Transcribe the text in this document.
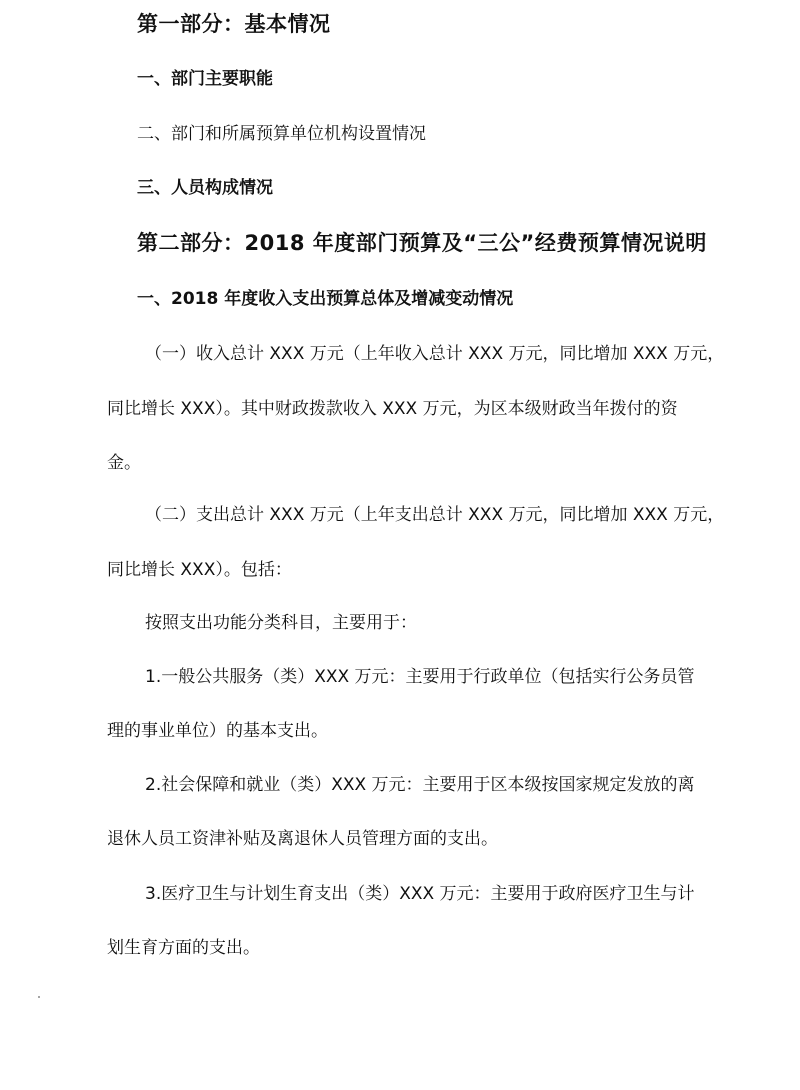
第一部分：基本情况

一、部门主要职能

二、部门和所属预算单位机构设置情况

三、人员构成情况

第二部分：2018 年度部门预算及“三公”经费预算情况说明

一、2018 年度收入支出预算总体及增减变动情况

（一）收入总计 XXX 万元（上年收入总计 XXX 万元，同比增加 XXX 万元，

同比增长 XXX）。其中财政拨款收入 XXX 万元，为区本级财政当年拨付的资

金。

（二）支出总计 XXX 万元（上年支出总计 XXX 万元，同比增加 XXX 万元，

同比增长 XXX）。包括：

按照支出功能分类科目，主要用于：

1.一般公共服务（类）XXX 万元：主要用于行政单位（包括实行公务员管

理的事业单位）的基本支出。

2.社会保障和就业（类）XXX 万元：主要用于区本级按国家规定发放的离

退休人员工资津补贴及离退休人员管理方面的支出。

3.医疗卫生与计划生育支出（类）XXX 万元：主要用于政府医疗卫生与计

划生育方面的支出。
